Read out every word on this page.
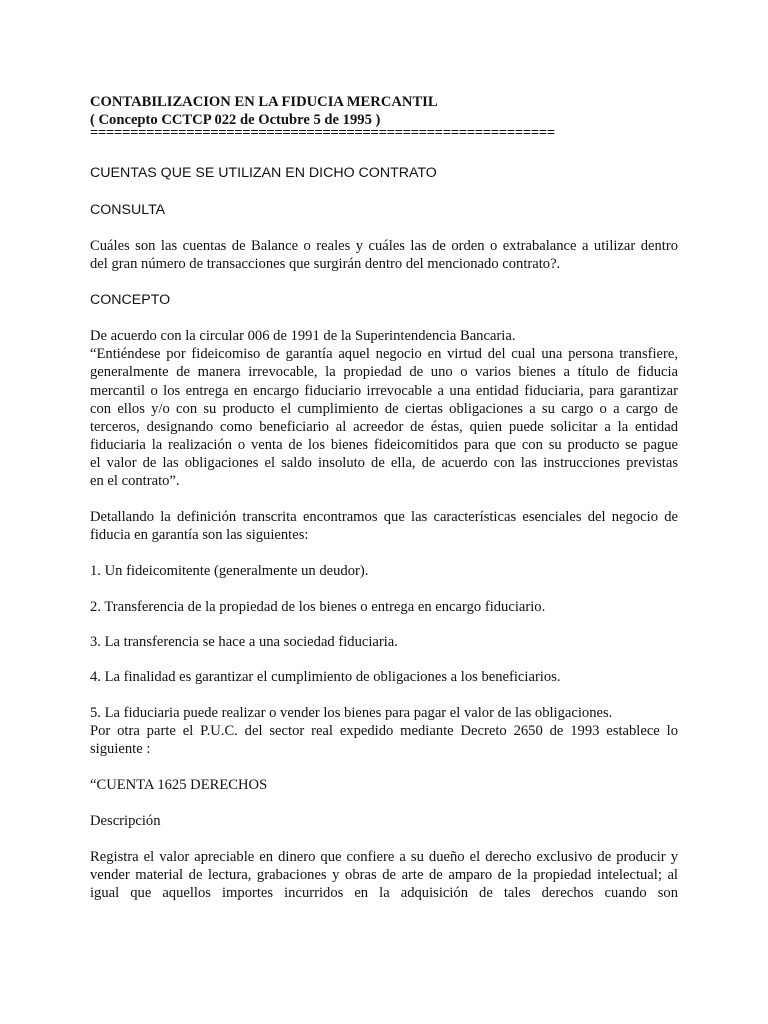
CONTABILIZACION EN LA FIDUCIA MERCANTIL
( Concepto CCTCP 022 de Octubre 5 de 1995 )
==========================================================
CUENTAS QUE SE UTILIZAN EN DICHO CONTRATO
CONSULTA
Cuáles son las cuentas de Balance o reales y cuáles las de orden o extrabalance a utilizar dentro
del gran número de transacciones que surgirán dentro del mencionado contrato?.
CONCEPTO
De acuerdo con la circular 006 de 1991 de la Superintendencia Bancaria.
“Entiéndese por fideicomiso de garantía aquel negocio en virtud del cual una persona transfiere,
generalmente de manera irrevocable, la propiedad de uno o varios bienes a título de fiducia
mercantil o los entrega en encargo fiduciario irrevocable a una entidad fiduciaria, para garantizar
con ellos y/o con su producto el cumplimiento de ciertas obligaciones a su cargo o a cargo de
terceros, designando como beneficiario al acreedor de éstas, quien puede solicitar a la entidad
fiduciaria la realización o venta de los bienes fideicomitidos para que con su producto se pague
el valor de las obligaciones el saldo insoluto de ella, de acuerdo con las instrucciones previstas
en el contrato”.
Detallando la definición transcrita encontramos que las características esenciales del negocio de
fiducia en garantía son las siguientes:
1. Un fideicomitente (generalmente un deudor).
2. Transferencia de la propiedad de los bienes o entrega en encargo fiduciario.
3. La transferencia se hace a una sociedad fiduciaria.
4. La finalidad es garantizar el cumplimiento de obligaciones a los beneficiarios.
5. La fiduciaria puede realizar o vender los bienes para pagar el valor de las obligaciones.
Por otra parte el P.U.C. del sector real expedido mediante Decreto 2650 de 1993 establece lo
siguiente :
“CUENTA 1625 DERECHOS
Descripción
Registra el valor apreciable en dinero que confiere a su dueño el derecho exclusivo de producir y
vender material de lectura, grabaciones y obras de arte de amparo de la propiedad intelectual; al
igual que aquellos importes incurridos en la adquisición de tales derechos cuando son
